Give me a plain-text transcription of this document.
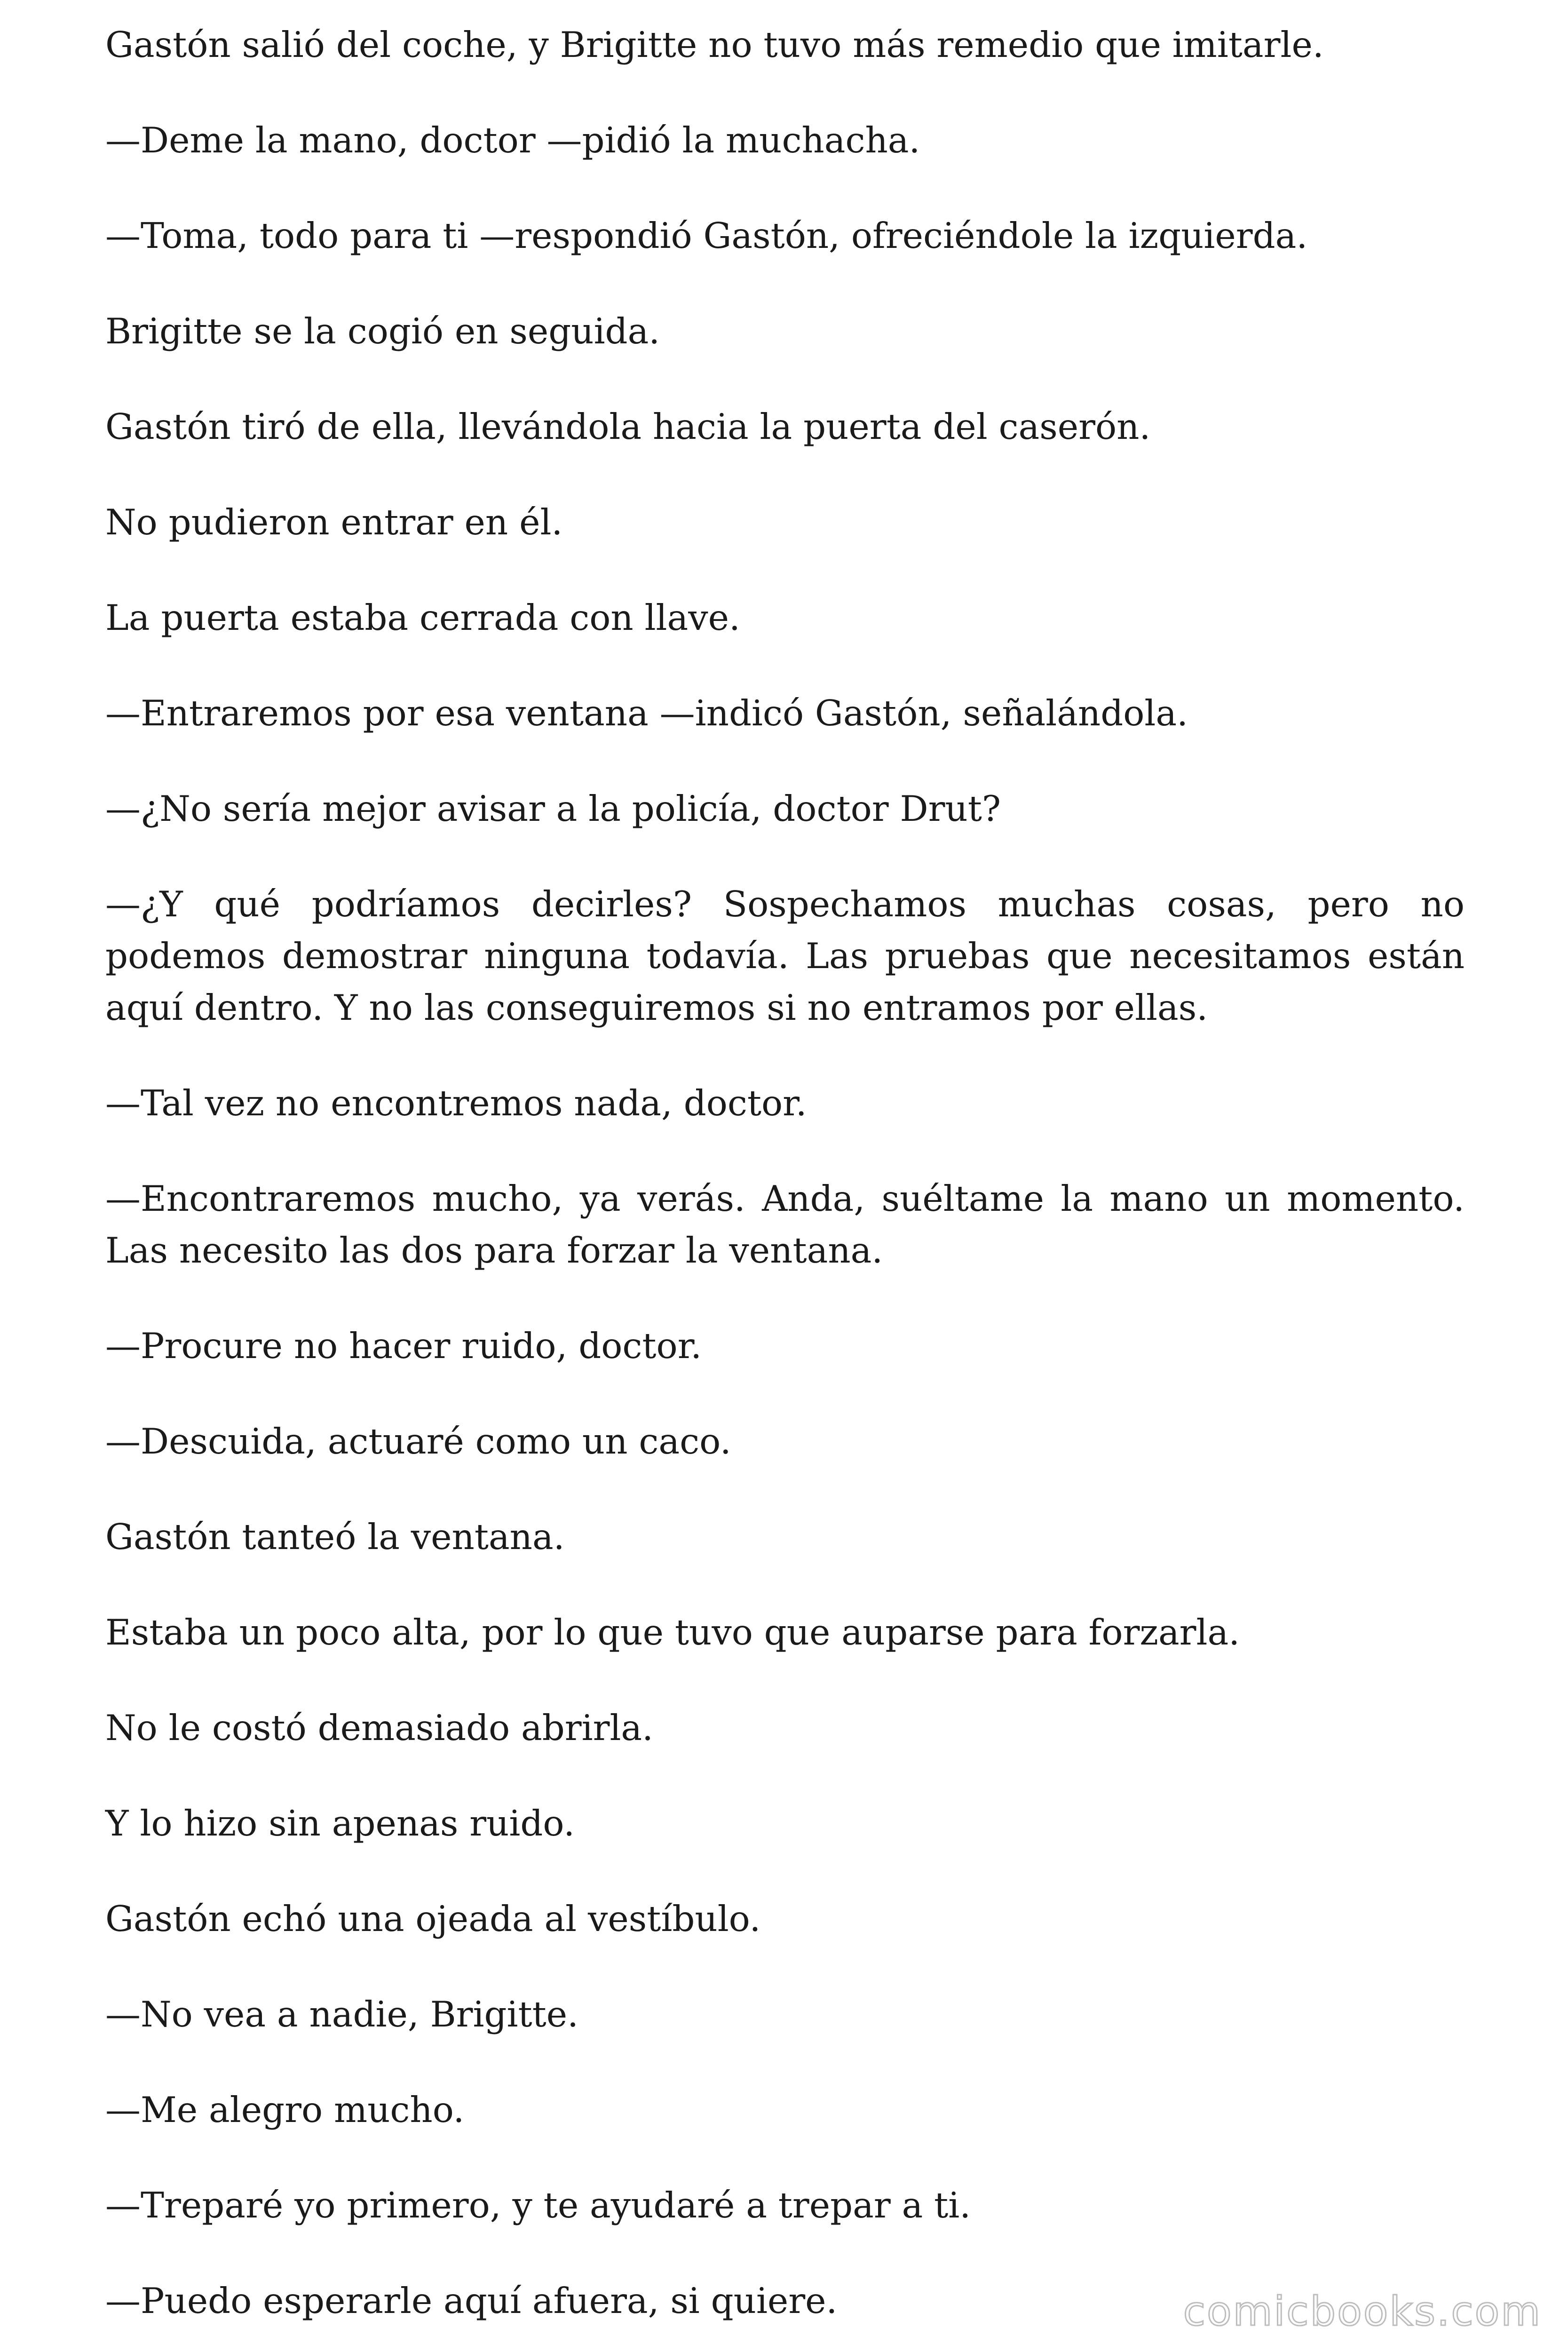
Gastón salió del coche, y Brigitte no tuvo más remedio que imitarle.

—Deme la mano, doctor —pidió la muchacha.

—Toma, todo para ti —respondió Gastón, ofreciéndole la izquierda.

Brigitte se la cogió en seguida.

Gastón tiró de ella, llevándola hacia la puerta del caserón.

No pudieron entrar en él.

La puerta estaba cerrada con llave.

—Entraremos por esa ventana —indicó Gastón, señalándola.

—¿No sería mejor avisar a la policía, doctor Drut?

—¿Y qué podríamos decirles? Sospechamos muchas cosas, pero no podemos demostrar ninguna todavía. Las pruebas que necesitamos están aquí dentro. Y no las conseguiremos si no entramos por ellas.

—Tal vez no encontremos nada, doctor.

—Encontraremos mucho, ya verás. Anda, suéltame la mano un momento. Las necesito las dos para forzar la ventana.

—Procure no hacer ruido, doctor.

—Descuida, actuaré como un caco.

Gastón tanteó la ventana.

Estaba un poco alta, por lo que tuvo que auparse para forzarla.

No le costó demasiado abrirla.

Y lo hizo sin apenas ruido.

Gastón echó una ojeada al vestíbulo.

—No vea a nadie, Brigitte.

—Me alegro mucho.

—Treparé yo primero, y te ayudaré a trepar a ti.

—Puedo esperarle aquí afuera, si quiere.	comicbooks.com
